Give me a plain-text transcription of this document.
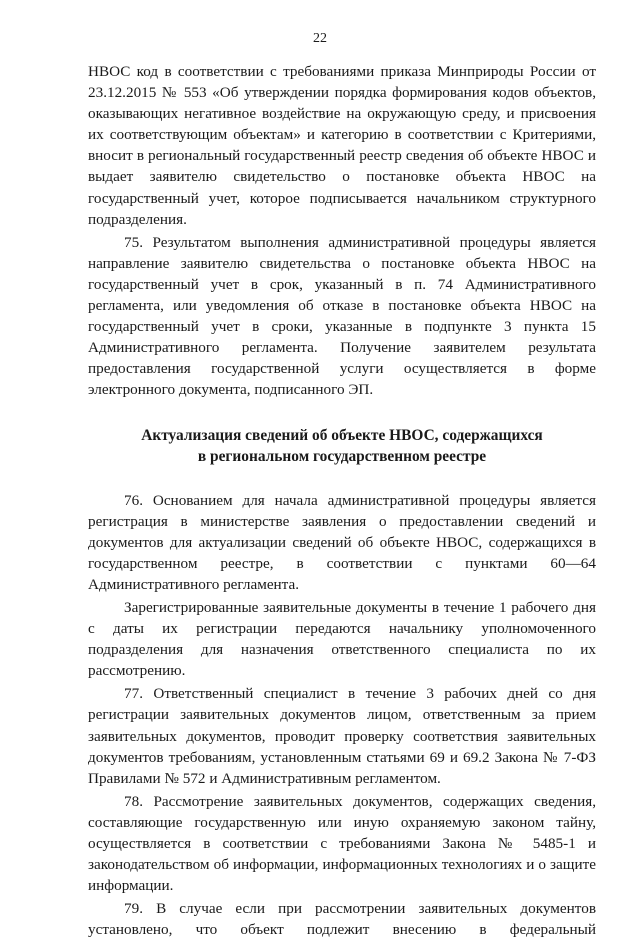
22

НВОС код в соответствии с требованиями приказа Минприроды России от 23.12.2015 № 553 «Об утверждении порядка формирования кодов объектов, оказывающих негативное воздействие на окружающую среду, и присвоения их соответствующим объектам» и категорию в соответствии с Критериями, вносит в региональный государственный реестр сведения об объекте НВОС и выдает заявителю свидетельство о постановке объекта НВОС на государственный учет, которое подписывается начальником структурного подразделения.

75. Результатом выполнения административной процедуры является направление заявителю свидетельства о постановке объекта НВОС на государственный учет в срок, указанный в п. 74 Административного регламента, или уведомления об отказе в постановке объекта НВОС на государственный учет в сроки, указанные в подпункте 3 пункта 15 Административного регламента. Получение заявителем результата предоставления государственной услуги осуществляется в форме электронного документа, подписанного ЭП.

Актуализация сведений об объекте НВОС, содержащихся
в региональном государственном реестре

76. Основанием для начала административной процедуры является регистрация в министерстве заявления о предоставлении сведений и документов для актуализации сведений об объекте НВОС, содержащихся в государственном реестре, в соответствии с пунктами 60—64 Административного регламента.

Зарегистрированные заявительные документы в течение 1 рабочего дня с даты их регистрации передаются начальнику уполномоченного подразделения для назначения ответственного специалиста по их рассмотрению.

77. Ответственный специалист в течение 3 рабочих дней со дня регистрации заявительных документов лицом, ответственным за прием заявительных документов, проводит проверку соответствия заявительных документов требованиям, установленным статьями 69 и 69.2 Закона № 7-ФЗ Правилами № 572 и Административным регламентом.

78. Рассмотрение заявительных документов, содержащих сведения, составляющие государственную или иную охраняемую законом тайну, осуществляется в соответствии с требованиями Закона № 5485-1 и законодательством об информации, информационных технологиях и о защите информации.

79. В случае если при рассмотрении заявительных документов установлено, что объект подлежит внесению в федеральный
